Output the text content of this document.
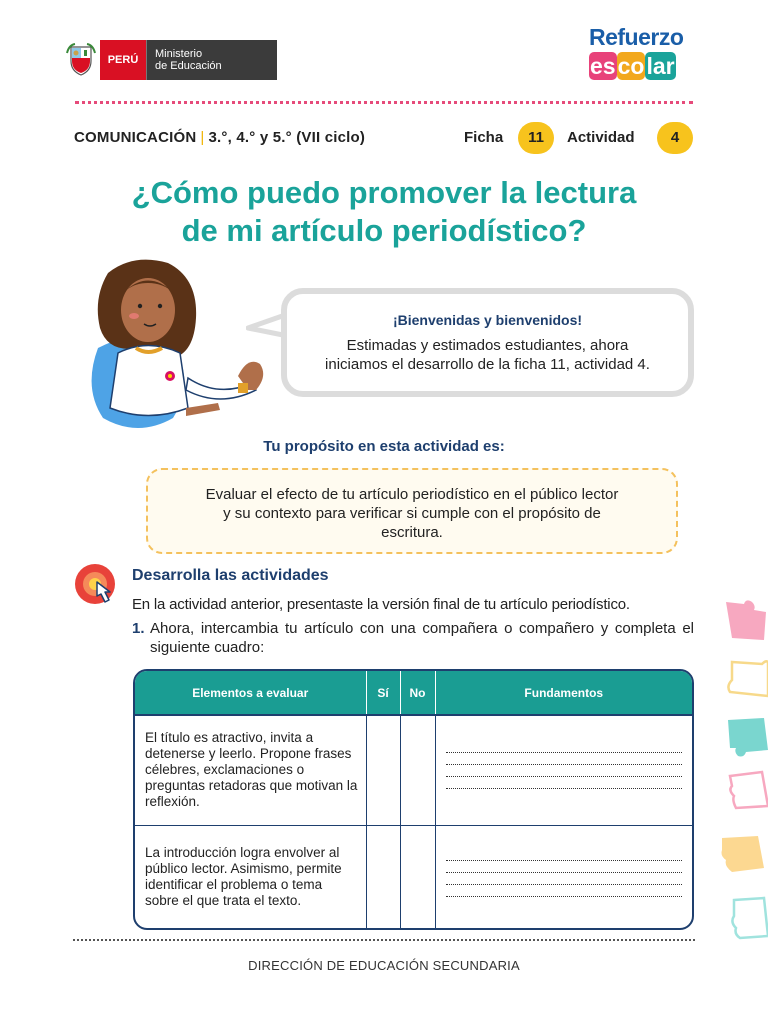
PERÚ	Ministerio
de Educación
Refuerzo
es co lar
COMUNICACIÓN | 3.°, 4.° y 5.° (VII ciclo)	Ficha	11	Actividad	4
¿Cómo puedo promover la lectura
de mi artículo periodístico?
¡Bienvenidas y bienvenidos!

Estimadas y estimados estudiantes, ahora
iniciamos el desarrollo de la ficha 11, actividad 4.

Tu propósito en esta actividad es:
Evaluar el efecto de tu artículo periodístico en el público lector
y su contexto para verificar si cumple con el propósito de
escritura.
Desarrolla las actividades
En la actividad anterior, presentaste la versión final de tu artículo periodístico.
1. Ahora, intercambia tu artículo con una compañera o compañero y completa el siguiente cuadro:
Elementos a evaluar	Sí	No	Fundamentos
El título es atractivo, invita a detenerse y leerlo. Propone frases célebres, exclamaciones o preguntas retadoras que motivan la reflexión.			

La introducción logra envolver al público lector. Asimismo, permite identificar el problema o tema sobre el que trata el texto.			
DIRECCIÓN DE EDUCACIÓN SECUNDARIA
